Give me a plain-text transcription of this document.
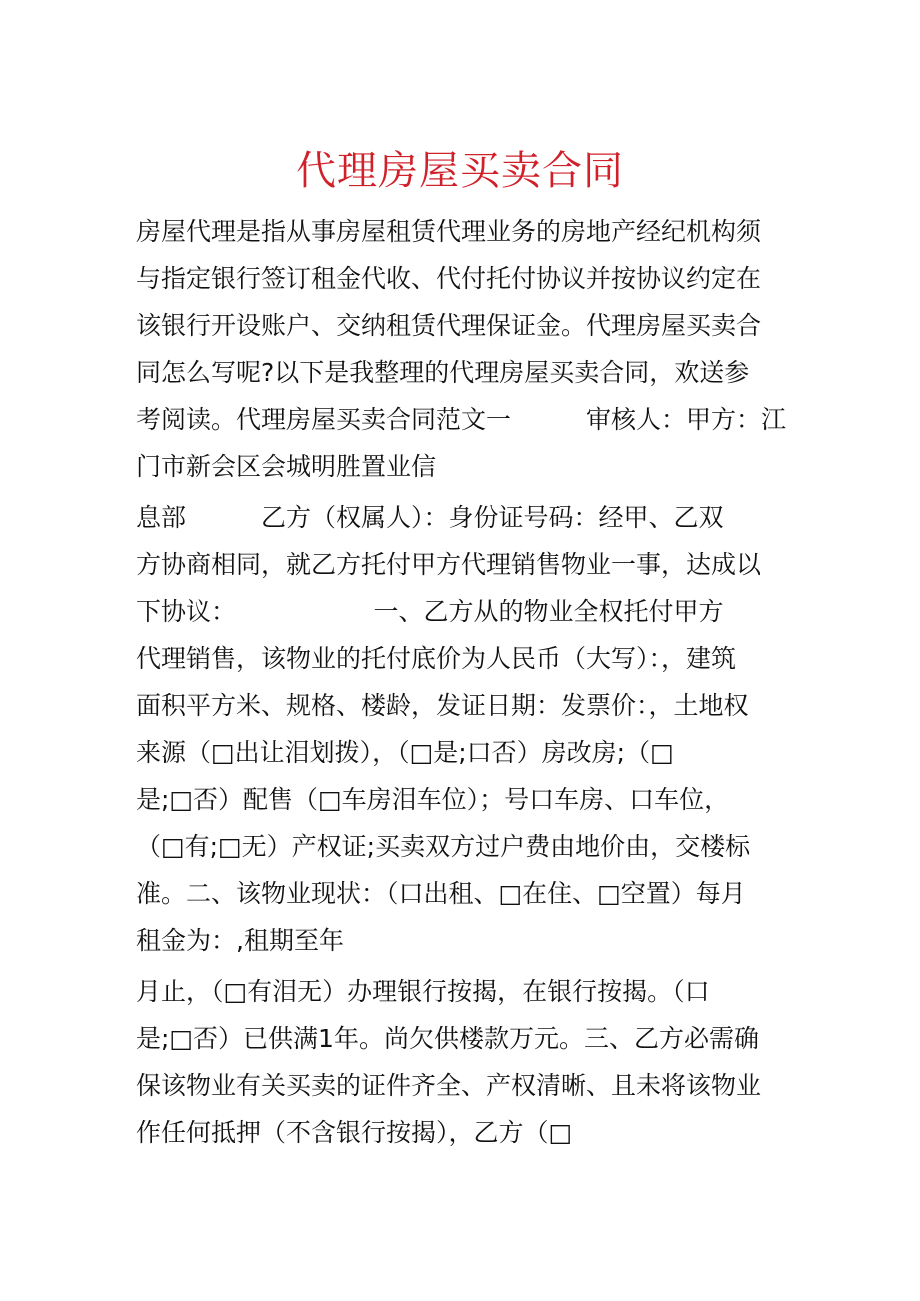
代理房屋买卖合同
房屋代理是指从事房屋租赁代理业务的房地产经纪机构须
与指定银行签订租金代收、代付托付协议并按协议约定在
该银行开设账户、交纳租赁代理保证金。代理房屋买卖合
同怎么写呢?以下是我整理的代理房屋买卖合同，欢送参
考阅读。代理房屋买卖合同范文一　　　审核人：甲方：江
门市新会区会城明胜置业信
息部　　　乙方（权属人）：身份证号码：经甲、乙双
方协商相同，就乙方托付甲方代理销售物业一事，达成以
下协议：　　　　　　一、乙方从的物业全权托付甲方
代理销售，该物业的托付底价为人民币（大写）：，建筑
面积平方米、规格、楼龄，发证日期：发票价：，土地权
来源（□出让泪划拨），（□是;口否）房改房;（□
是;□否）配售（□车房泪车位）；号口车房、口车位，
（□有;□无）产权证;买卖双方过户费由地价由，交楼标
准。二、该物业现状：（口出租、□在住、□空置）每月
租金为：,租期至年
月止，（□有泪无）办理银行按揭，在银行按揭。（口
是;□否）已供满1年。尚欠供楼款万元。三、乙方必需确
保该物业有关买卖的证件齐全、产权清晰、且未将该物业
作任何抵押（不含银行按揭），乙方（□
